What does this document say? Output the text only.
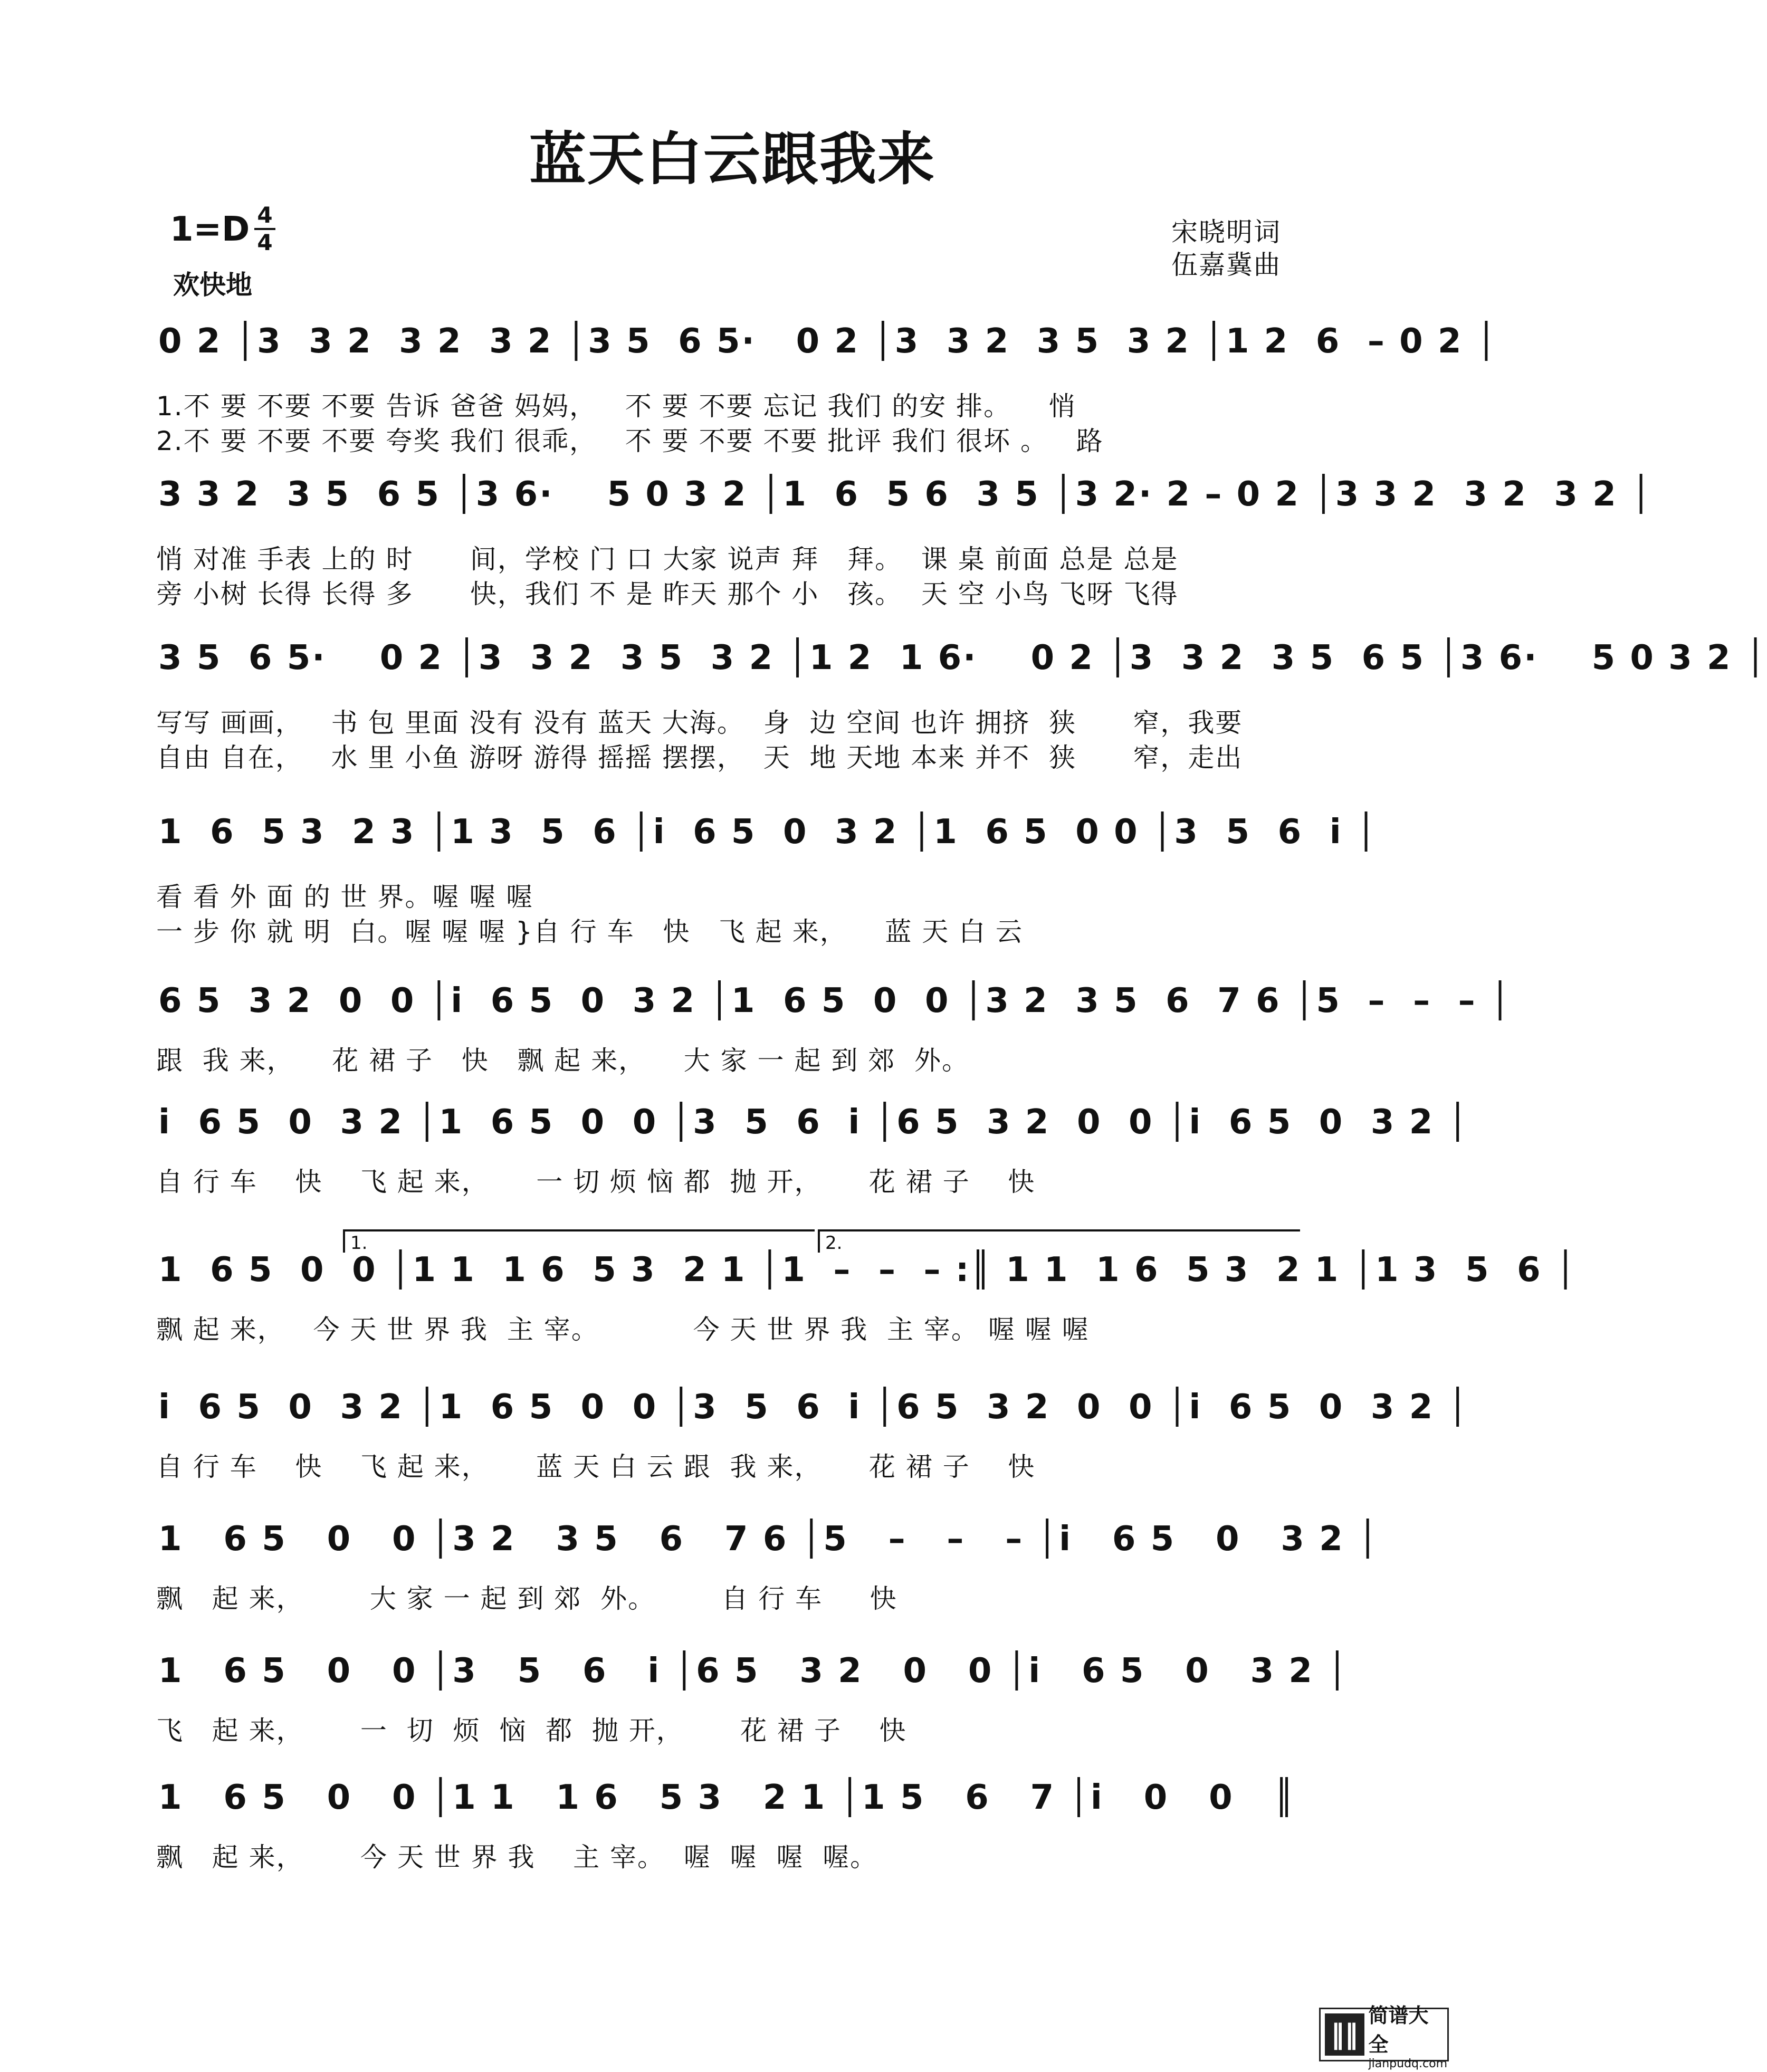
蓝天白云跟我来
1=D 4
4
欢快地
宋晓明词
伍嘉冀曲
0 2 │3  3 2  3 2  3 2 │3 5  6 5·   0 2 │3  3 2  3 5  3 2 │1 2  6  – 0 2 │
1.不 要 不要 不要 告诉 爸爸 妈妈，   不 要 不要 忘记 我们 的安 排。    悄
2.不 要 不要 不要 夸奖 我们 很乖，   不 要 不要 不要 批评 我们 很坏 。   路
3 3 2  3 5  6 5 │3 6·    5 0 3 2 │1  6  5 6  3 5 │3 2· 2 – 0 2 │3 3 2  3 2  3 2 │
悄 对准 手表 上的 时      间，学校 门 口 大家 说声 拜   拜。  课 桌 前面 总是 总是
旁 小树 长得 长得 多      快，我们 不 是 昨天 那个 小   孩。  天 空 小鸟 飞呀 飞得
3 5  6 5·    0 2 │3  3 2  3 5  3 2 │1 2  1 6·    0 2 │3  3 2  3 5  6 5 │3 6·    5 0 3 2 │
写写 画画，   书 包 里面 没有 没有 蓝天 大海。  身  边 空间 也许 拥挤  狭      窄，我要
自由 自在，   水 里 小鱼 游呀 游得 摇摇 摆摆，  天  地 天地 本来 并不  狭      窄，走出
1  6  5 3  2 3 │1 3  5  6 │i  6 5  0  3 2 │1  6 5  0 0 │3  5  6  i │
看 看 外 面 的 世 界。喔 喔 喔
一 步 你 就 明  白。喔 喔 喔 }自 行 车   快   飞 起 来，    蓝 天 白 云
6 5  3 2  0  0 │i  6 5  0  3 2 │1  6 5  0  0 │3 2  3 5  6  7 6 │5  –  –  – │
跟  我 来，    花 裙 子   快   飘 起 来，    大 家 一 起 到 郊  外。
i  6 5  0  3 2 │1  6 5  0  0 │3  5  6  i │6 5  3 2  0  0 │i  6 5  0  3 2 │
自 行 车    快    飞 起 来，     一 切 烦 恼 都  抛 开，     花 裙 子    快
1.	2.
1  6 5  0  0 │1 1  1 6  5 3  2 1 │1  –  –  – :║ 1 1  1 6  5 3  2 1 │1 3  5  6 │
飘 起 来，   今 天 世 界 我  主 宰。          今 天 世 界 我  主 宰。 喔 喔 喔
i  6 5  0  3 2 │1  6 5  0  0 │3  5  6  i │6 5  3 2  0  0 │i  6 5  0  3 2 │
自 行 车    快    飞 起 来，     蓝 天 白 云 跟  我 来，     花 裙 子    快
1   6 5   0   0 │3 2   3 5   6   7 6 │5   –   –   – │i   6 5   0   3 2 │
飘   起 来，       大 家 一 起 到 郊  外。       自 行 车     快
1   6 5   0   0 │3   5   6   i │6 5   3 2   0   0 │i   6 5   0   3 2 │
飞   起 来，      一  切  烦  恼  都  抛 开，      花 裙 子    快
1   6 5   0   0 │1 1   1 6   5 3   2 1 │1 5   6   7 │i   0   0   ║
飘   起 来，      今 天 世 界 我    主 宰。  喔  喔  喔  喔。
‖‖
简谱大全
jianpudq.com
